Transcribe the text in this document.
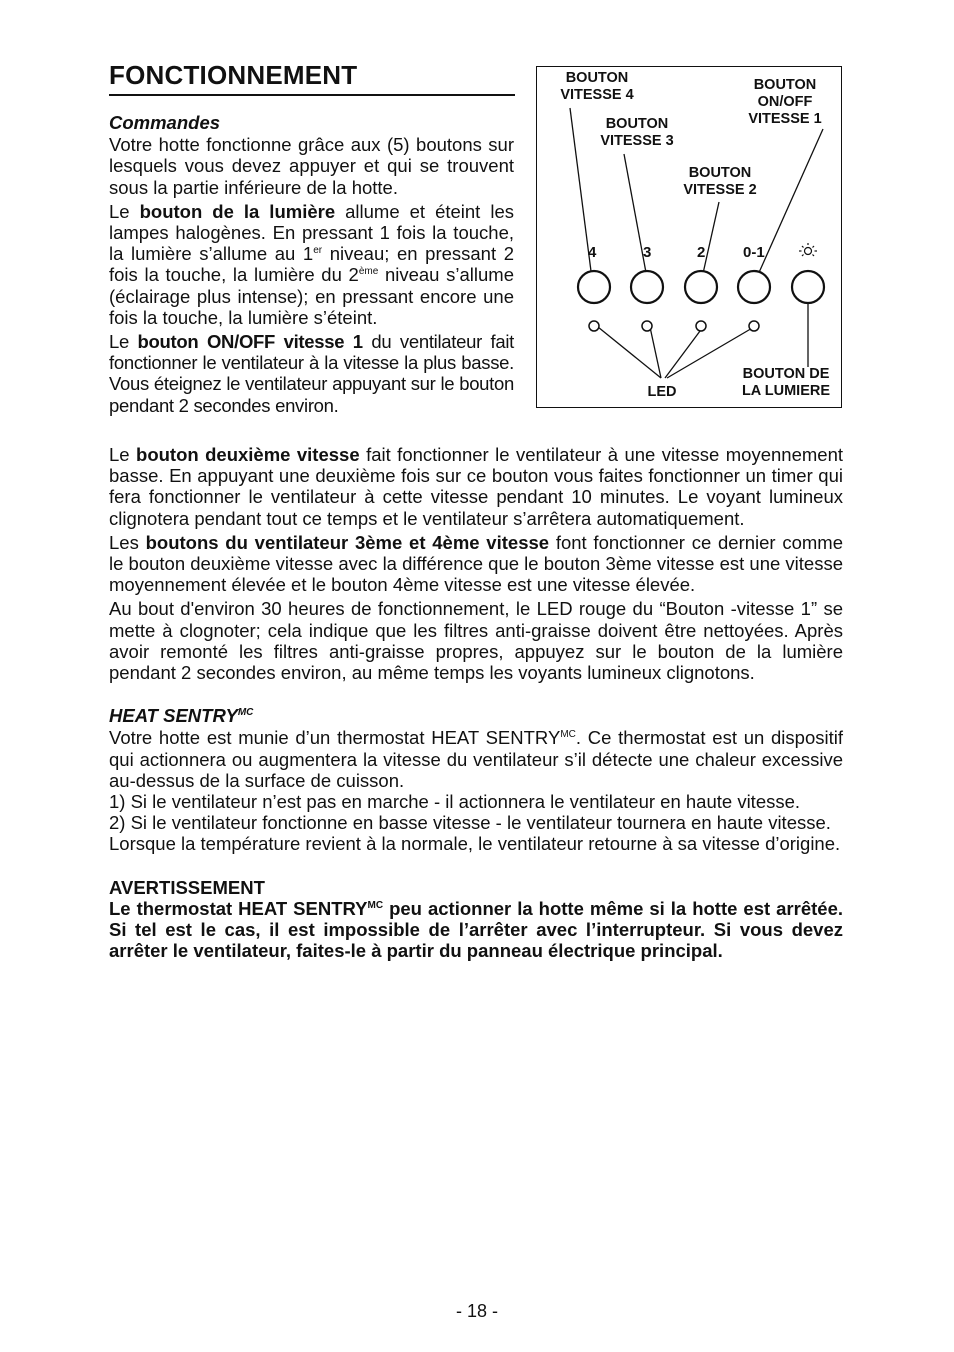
FONCTIONNEMENT

Commandes

Votre hotte fonctionne grâce aux (5) boutons sur lesquels vous devez appuyer et qui se trouvent sous la partie inférieure de la hotte.

Le bouton de la lumière allume et éteint les lampes halogènes. En pressant 1 fois la touche, la lumière s’allume au 1er niveau; en pressant 2 fois la touche, la lumière du 2ème niveau s’allume (éclairage plus intense); en pressant encore une fois la touche, la lumière s’éteint.

Le bouton ON/OFF vitesse 1 du ventilateur fait fonctionner le ventilateur à la vitesse la plus basse. Vous éteignez le ventilateur appuyant sur le bouton pendant 2 secondes environ.

Le bouton deuxième vitesse fait fonctionner le ventilateur à une vitesse moyennement basse. En appuyant une deuxième fois sur ce bouton vous faites fonctionner un timer qui fera fonctionner le ventilateur à cette vitesse pendant 10 minutes. Le voyant lumineux clignotera pendant tout ce temps et le ventilateur s’arrêtera automatiquement.

Les boutons du ventilateur 3ème et 4ème vitesse font fonctionner ce dernier comme le bouton deuxième vitesse avec la différence que le bouton 3ème vitesse est une vitesse moyennement élevée et le bouton 4ème vitesse est une vitesse élevée.

Au bout d'environ 30 heures de fonctionnement, le LED rouge du “Bouton -vitesse 1” se mette à clognoter; cela indique que les filtres anti-graisse doivent être nettoyées. Après avoir remonté les filtres anti-graisse propres, appuyez sur le bouton de la lumière pendant 2 secondes environ, au même temps les voyants lumineux clignotons.

HEAT $SENTRY^{MC}$

Votre hotte est munie d’un thermostat HEAT $SENTRY^{MC}$. Ce thermostat est un dispositif qui actionnera ou augmentera la vitesse du ventilateur s’il détecte une chaleur excessive au-dessus de la surface de cuisson.

1) Si le ventilateur n’est pas en marche - il actionnera le ventilateur en haute vitesse.

2) Si le ventilateur fonctionne en basse vitesse - le ventilateur tournera en haute vitesse.

Lorsque la température revient à la normale, le ventilateur retourne à sa vitesse d’origine.

AVERTISSEMENT

Le thermostat HEAT $SENTRY^{MC}$ peu actionner la hotte même si la hotte est arrêtée. Si tel est le cas, il est impossible de l’arrêter avec l’interrupteur. Si vous devez arrêter le ventilateur, faites-le à partir du panneau électrique principal.

BOUTON
VITESSE 4
BOUTON
ON/OFF
VITESSE 1
BOUTON
VITESSE 3
BOUTON
VITESSE 2
4	3	2	0-1
LED
BOUTON DE
LA LUMIERE
- 18 -
